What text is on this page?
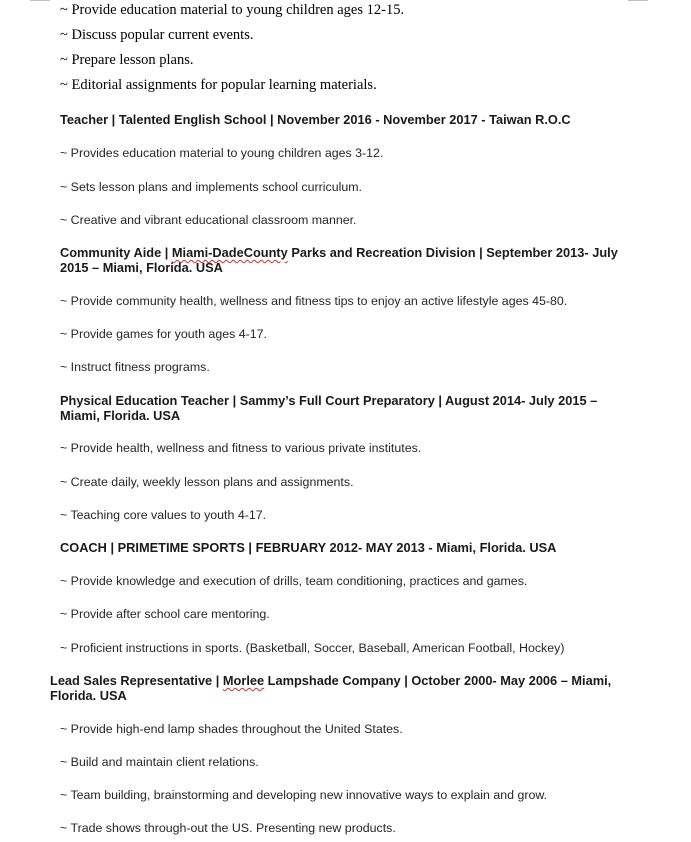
~ Provide education material to young children ages 12-15.
~ Discuss popular current events.
~ Prepare lesson plans.
~ Editorial assignments for popular learning materials.
Teacher | Talented English School | November 2016 - November 2017 - Taiwan R.O.C
~ Provides education material to young children ages 3-12.
~ Sets lesson plans and implements school curriculum.
~ Creative and vibrant educational classroom manner.
Community Aide | Miami-DadeCounty Parks and Recreation Division | September 2013- July 2015 – Miami, Florida. USA
~ Provide community health, wellness and fitness tips to enjoy an active lifestyle ages 45-80.
~ Provide games for youth ages 4-17.
~ Instruct fitness programs.
Physical Education Teacher | Sammy’s Full Court Preparatory | August 2014- July 2015 – Miami, Florida. USA
~ Provide health, wellness and fitness to various private institutes.
~ Create daily, weekly lesson plans and assignments.
~ Teaching core values to youth 4-17.
COACH | PRIMETIME SPORTS | FEBRUARY 2012- MAY 2013 - Miami, Florida. USA
~ Provide knowledge and execution of drills, team conditioning, practices and games.
~ Provide after school care mentoring.
~ Proficient instructions in sports. (Basketball, Soccer, Baseball, American Football, Hockey)
Lead Sales Representative | Morlee Lampshade Company | October 2000- May 2006 – Miami, Florida. USA
~ Provide high-end lamp shades throughout the United States.
~ Build and maintain client relations.
~ Team building, brainstorming and developing new innovative ways to explain and grow.
~ Trade shows through-out the US. Presenting new products.
